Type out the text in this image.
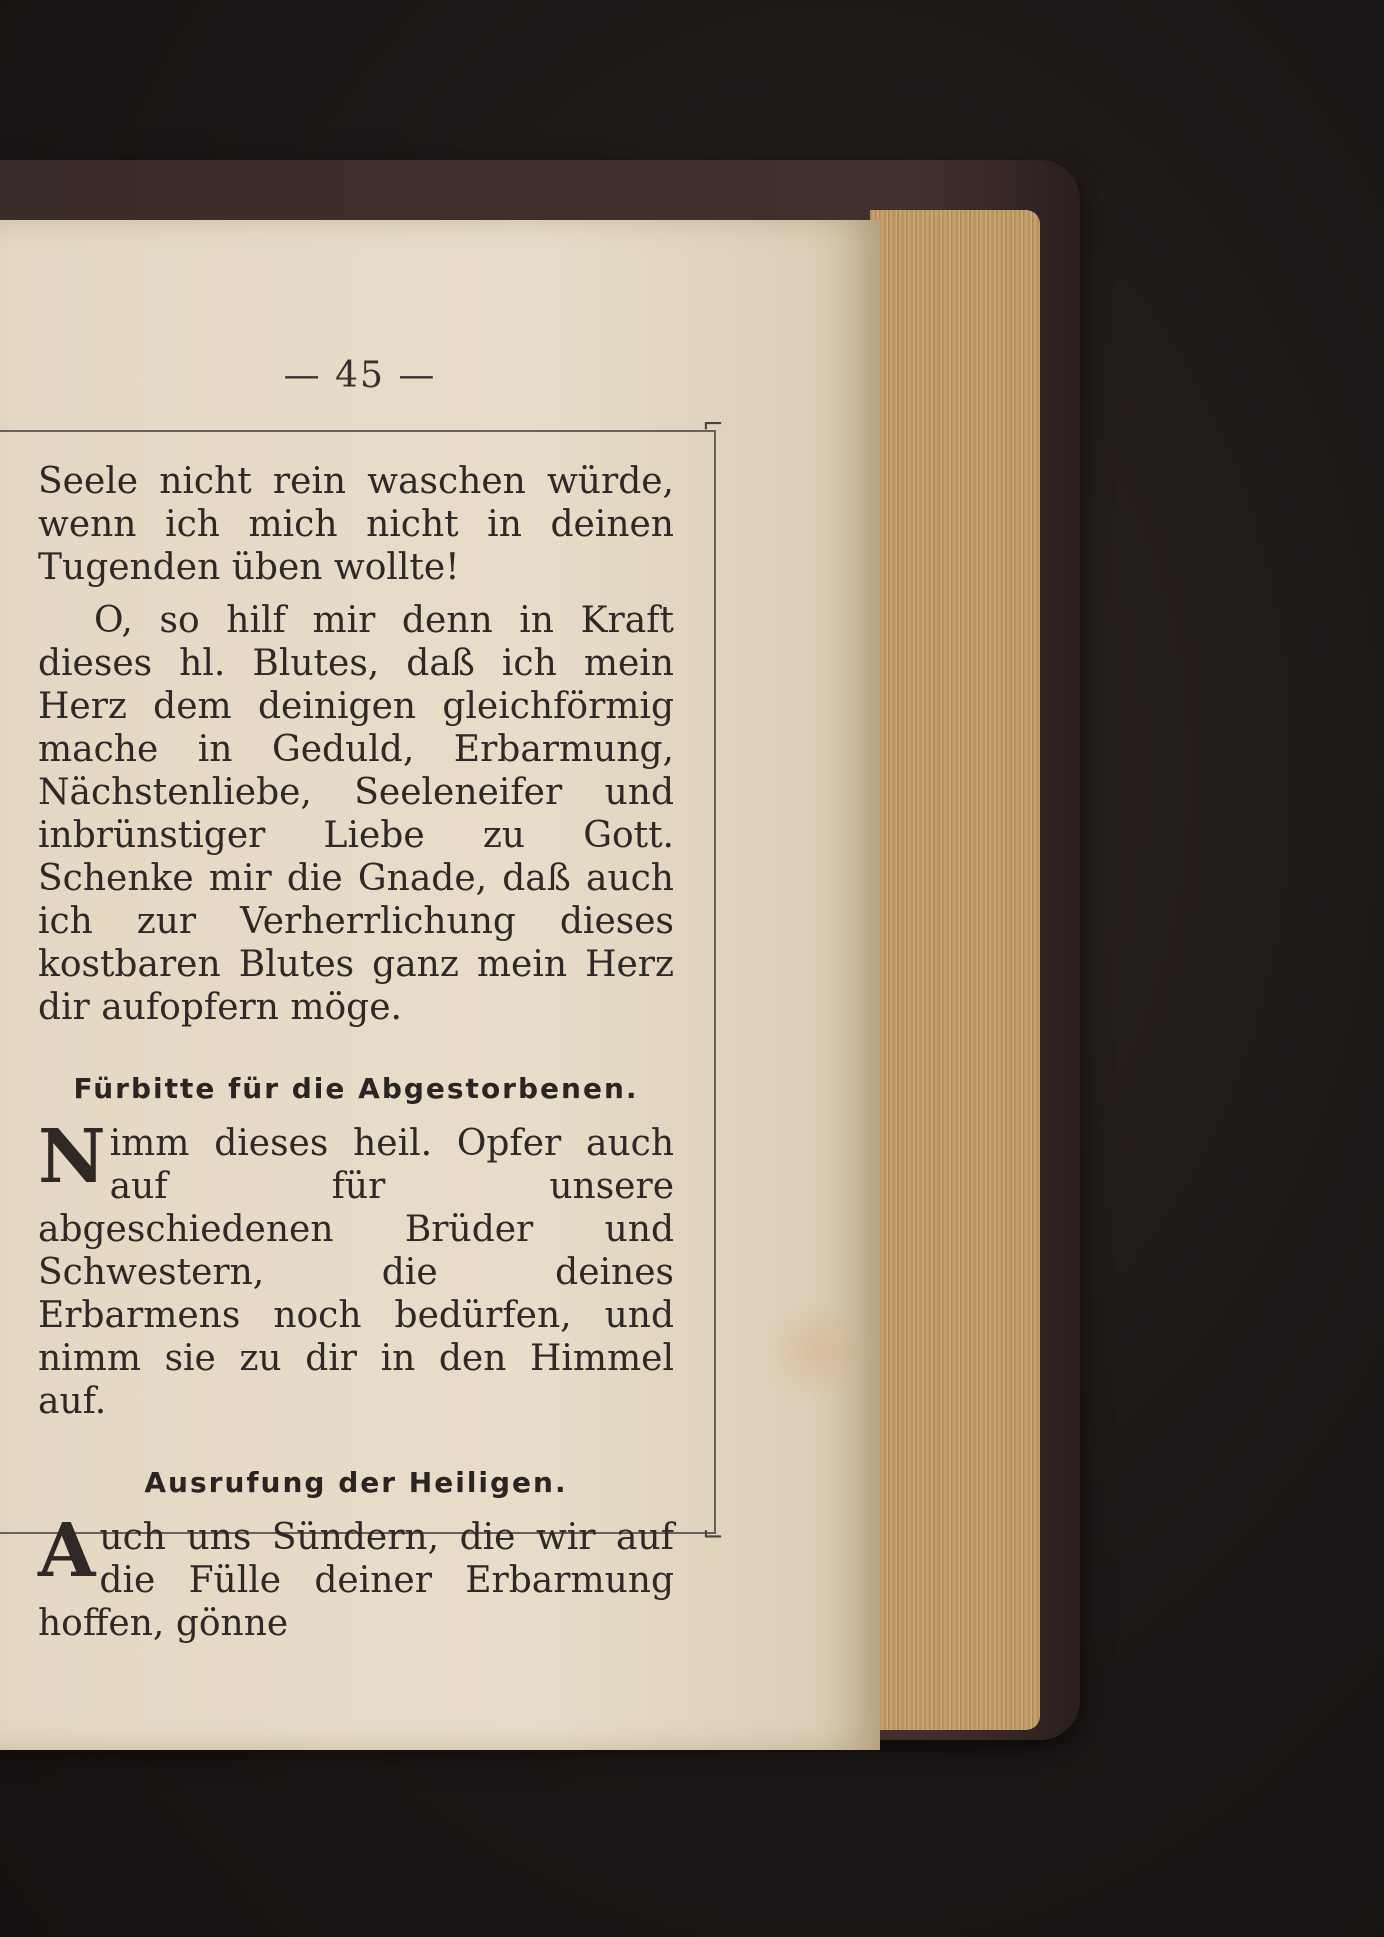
— 45 —
⌐
⌙

Seele nicht rein waschen würde, wenn ich mich nicht in deinen Tugenden üben wollte!

O, so hilf mir denn in Kraft dieses hl. Blutes, daß ich mein Herz dem deinigen gleichförmig mache in Geduld, Erbarmung, Nächstenliebe, Seeleneifer und inbrünstiger Liebe zu Gott. Schenke mir die Gnade, daß auch ich zur Verherrlichung dieses kostbaren Blutes ganz mein Herz dir aufopfern möge.

Fürbitte für die Abgestorbenen.

Nimm dieses heil. Opfer auch auf für unsere abgeschiedenen Brüder und Schwestern, die deines Erbarmens noch bedürfen, und nimm sie zu dir in den Himmel auf.

Ausrufung der Heiligen.

Auch uns Sündern, die wir auf die Fülle deiner Erbarmung hoffen, gönne
